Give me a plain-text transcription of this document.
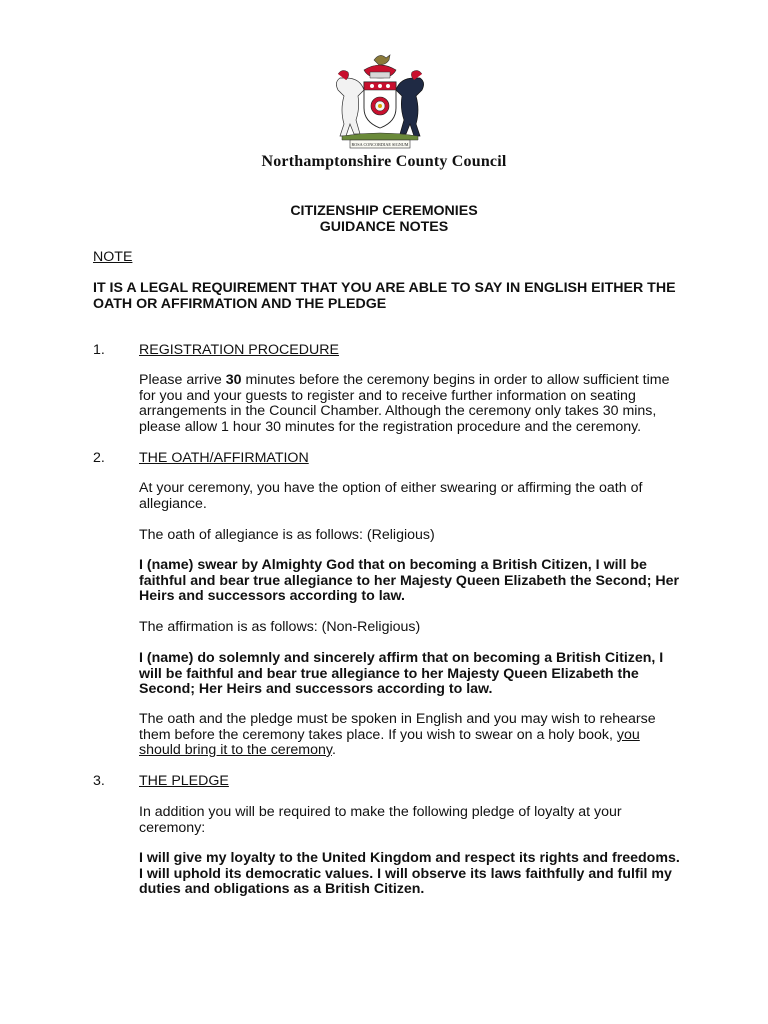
ROSA CONCORDIAE SIGNUM
Northamptonshire County Council
CITIZENSHIP CEREMONIES
GUIDANCE NOTES
NOTE
IT IS A LEGAL REQUIREMENT THAT YOU ARE ABLE TO SAY IN ENGLISH EITHER THE OATH OR AFFIRMATION AND THE PLEDGE
1. REGISTRATION PROCEDURE
Please arrive 30 minutes before the ceremony begins in order to allow sufficient time for you and your guests to register and to receive further information on seating arrangements in the Council Chamber. Although the ceremony only takes 30 mins, please allow 1 hour 30 minutes for the registration procedure and the ceremony.
2. THE OATH/AFFIRMATION
At your ceremony, you have the option of either swearing or affirming the oath of allegiance.
The oath of allegiance is as follows: (Religious)
I (name) swear by Almighty God that on becoming a British Citizen, I will be faithful and bear true allegiance to her Majesty Queen Elizabeth the Second; Her Heirs and successors according to law.
The affirmation is as follows: (Non-Religious)
I (name) do solemnly and sincerely affirm that on becoming a British Citizen, I will be faithful and bear true allegiance to her Majesty Queen Elizabeth the Second; Her Heirs and successors according to law.
The oath and the pledge must be spoken in English and you may wish to rehearse them before the ceremony takes place. If you wish to swear on a holy book, you should bring it to the ceremony.
3. THE PLEDGE
In addition you will be required to make the following pledge of loyalty at your ceremony:
I will give my loyalty to the United Kingdom and respect its rights and freedoms. I will uphold its democratic values. I will observe its laws faithfully and fulfil my duties and obligations as a British Citizen.
